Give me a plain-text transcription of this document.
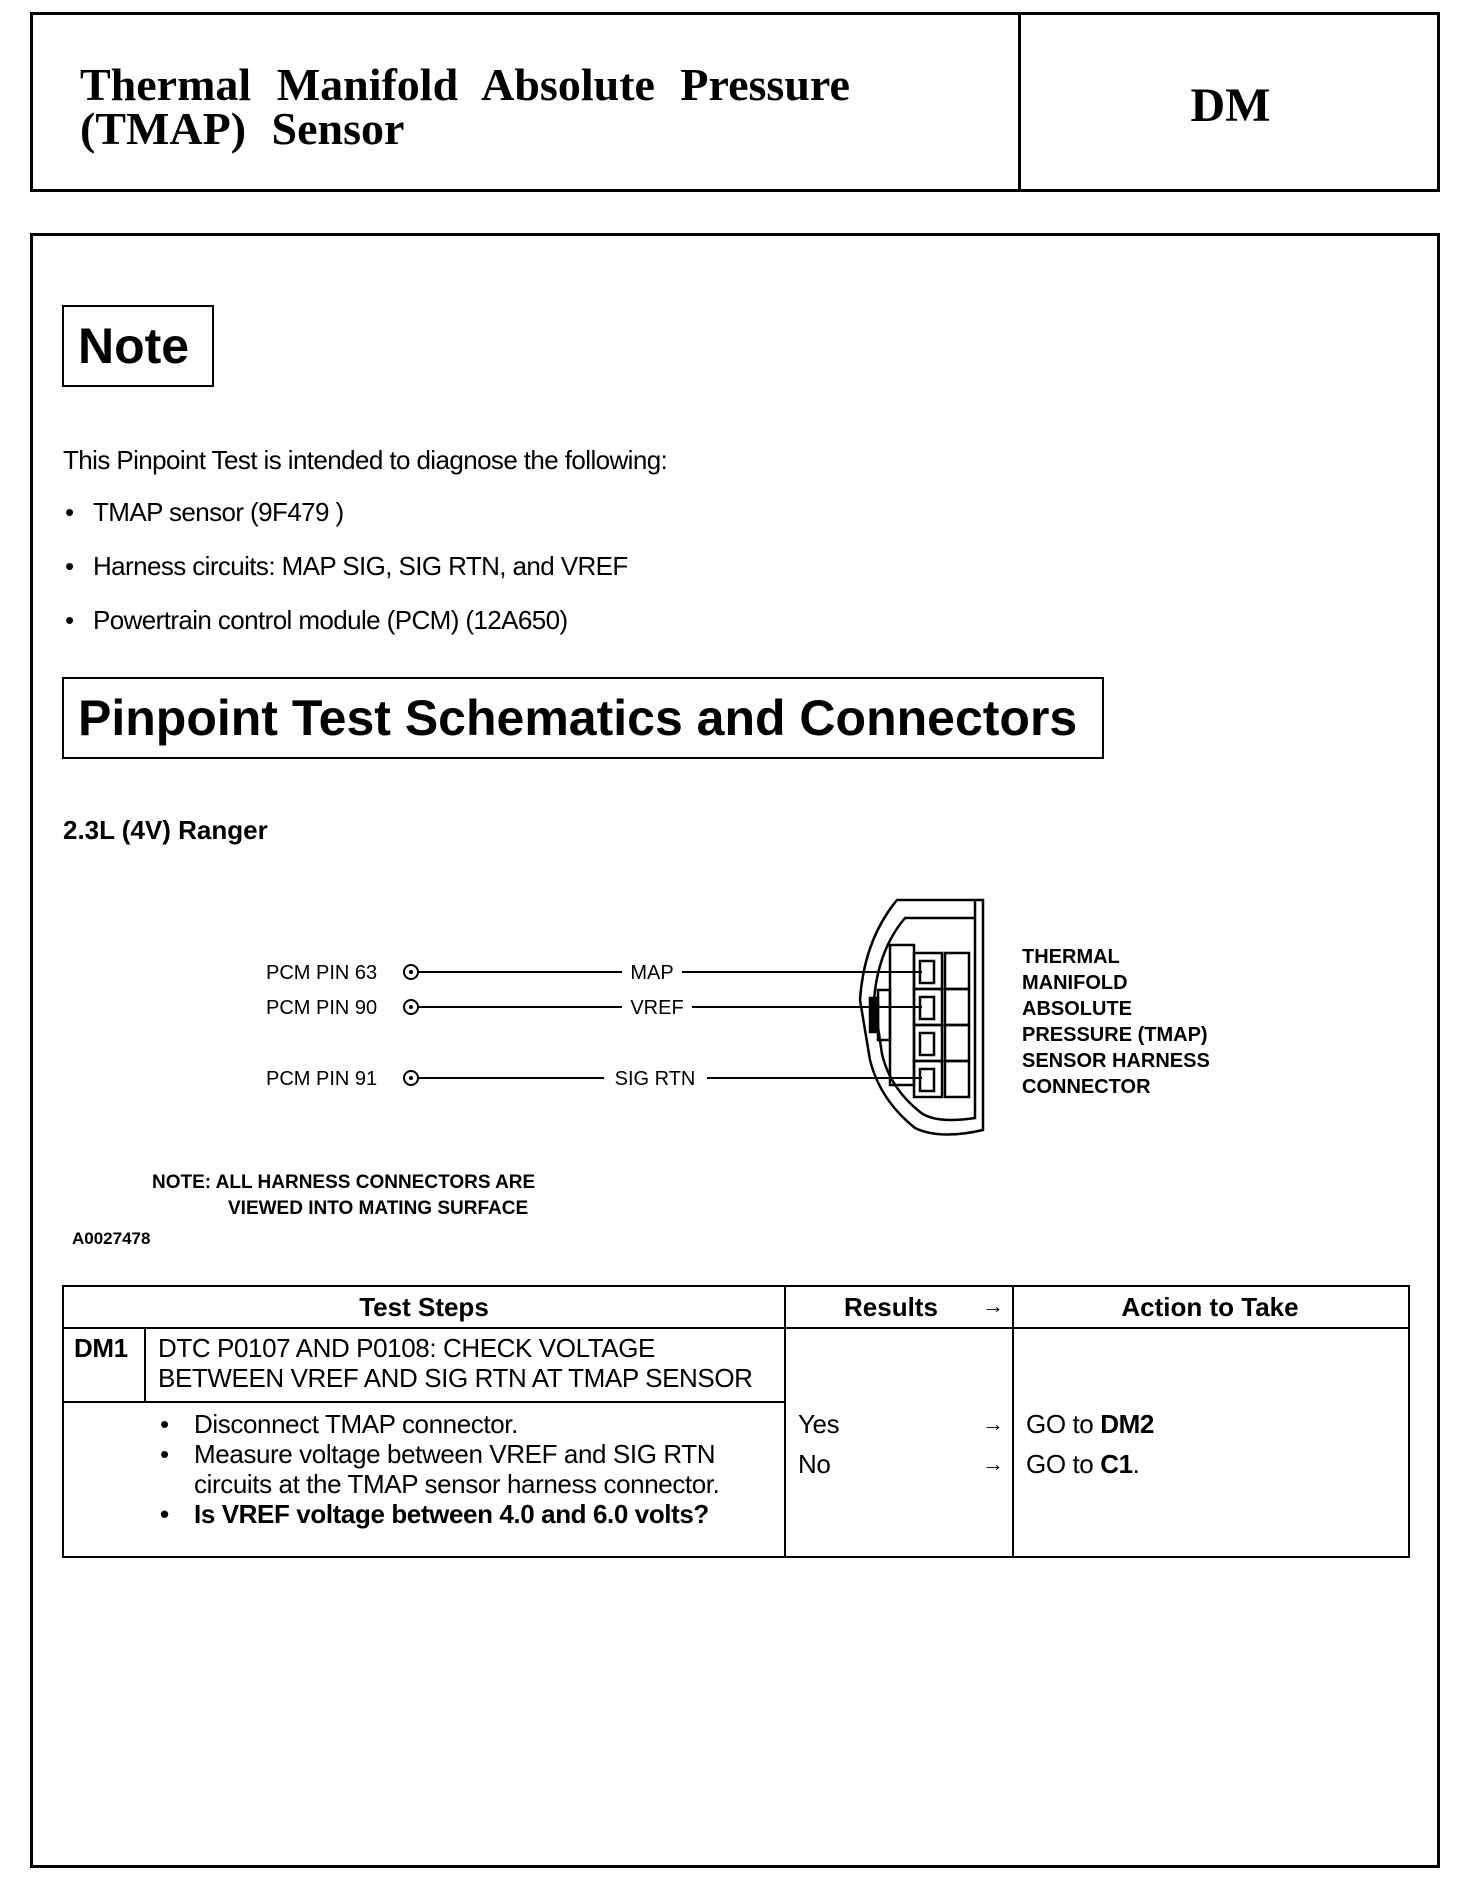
Thermal Manifold Absolute Pressure
(TMAP) Sensor	DM
Note

This Pinpoint Test is intended to diagnose the following:

• TMAP sensor (9F479 )
• Harness circuits: MAP SIG, SIG RTN, and VREF
• Powertrain control module (PCM) (12A650)
Pinpoint Test Schematics and Connectors

2.3L (4V) Ranger

PCM PIN 63
PCM PIN 90
PCM PIN 91
MAP
VREF
SIG RTN
THERMAL
MANIFOLD
ABSOLUTE
PRESSURE (TMAP)
SENSOR HARNESS
CONNECTOR
NOTE: ALL HARNESS CONNECTORS ARE
VIEWED INTO MATING SURFACE
A0027478
Test Steps	Results →	Action to Take
DM1 DTC P0107 AND P0108: CHECK VOLTAGE
BETWEEN VREF AND SIG RTN AT TMAP SENSOR
• Disconnect TMAP connector.
• Measure voltage between VREF and SIG RTN circuits at the TMAP sensor harness connector.
• Is VREF voltage between 4.0 and 6.0 volts?
Yes	→ GO to DM2
No	→ GO to C1.
